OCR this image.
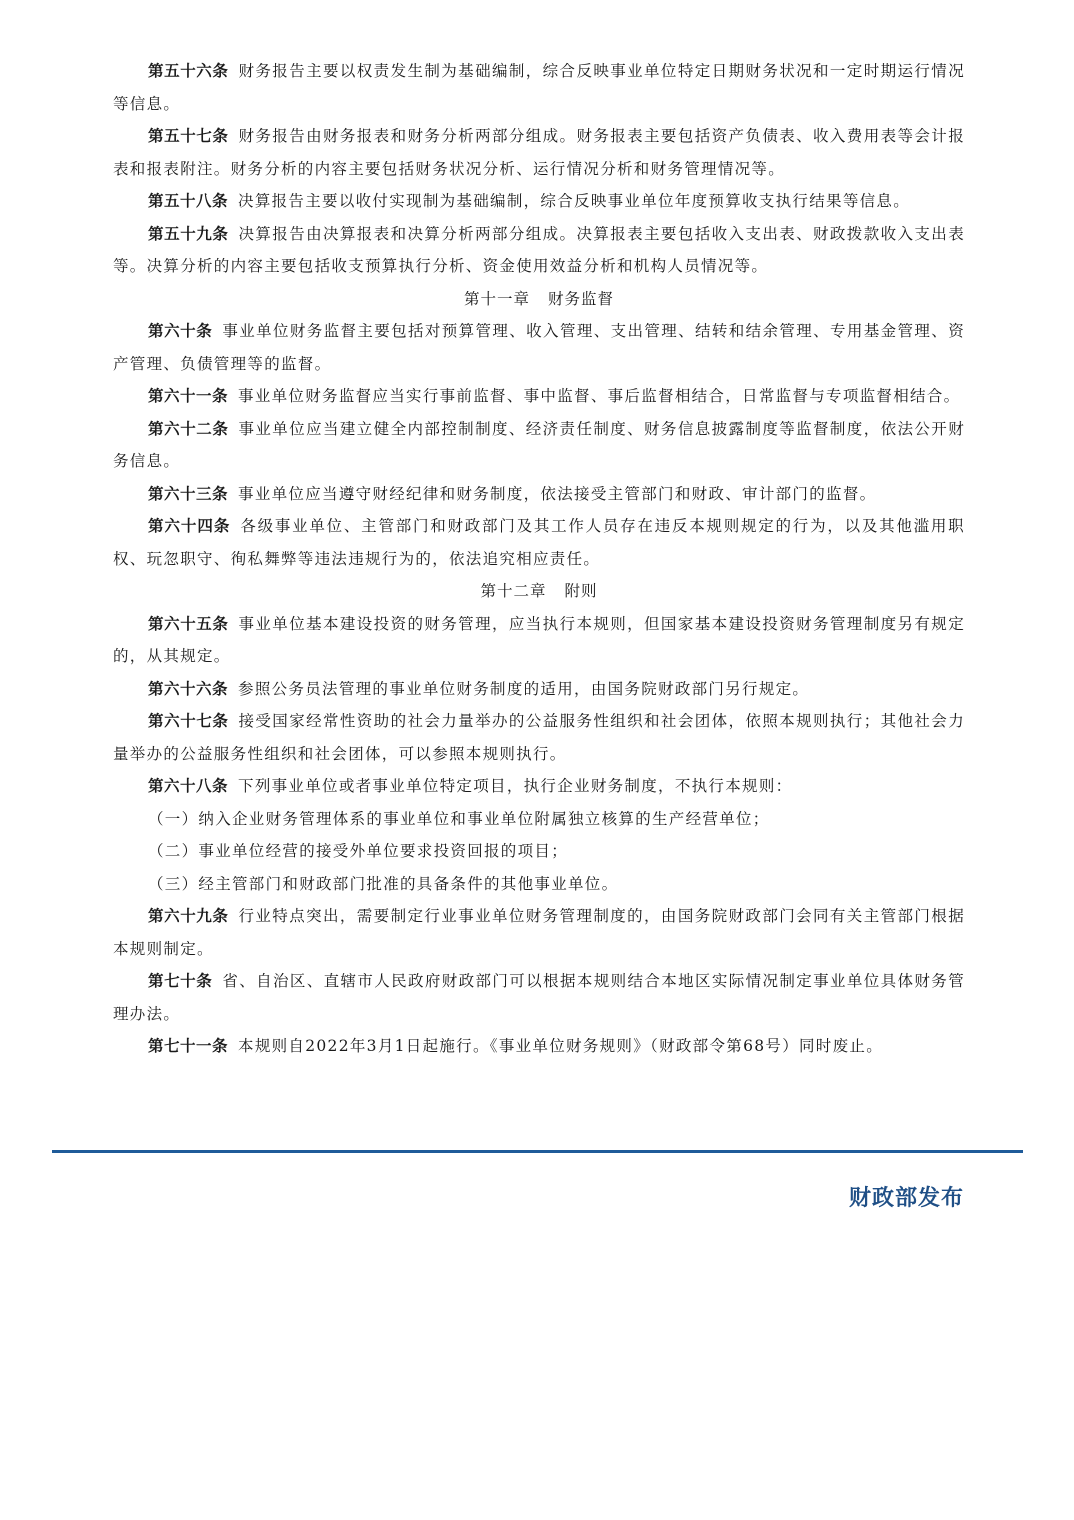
第五十六条 财务报告主要以权责发生制为基础编制，综合反映事业单位特定日期财务状况和一定时期运行情况等信息。

第五十七条 财务报告由财务报表和财务分析两部分组成。财务报表主要包括资产负债表、收入费用表等会计报表和报表附注。财务分析的内容主要包括财务状况分析、运行情况分析和财务管理情况等。

第五十八条 决算报告主要以收付实现制为基础编制，综合反映事业单位年度预算收支执行结果等信息。

第五十九条 决算报告由决算报表和决算分析两部分组成。决算报表主要包括收入支出表、财政拨款收入支出表等。决算分析的内容主要包括收支预算执行分析、资金使用效益分析和机构人员情况等。

第十一章 财务监督

第六十条 事业单位财务监督主要包括对预算管理、收入管理、支出管理、结转和结余管理、专用基金管理、资产管理、负债管理等的监督。

第六十一条 事业单位财务监督应当实行事前监督、事中监督、事后监督相结合，日常监督与专项监督相结合。

第六十二条 事业单位应当建立健全内部控制制度、经济责任制度、财务信息披露制度等监督制度，依法公开财务信息。

第六十三条 事业单位应当遵守财经纪律和财务制度，依法接受主管部门和财政、审计部门的监督。

第六十四条 各级事业单位、主管部门和财政部门及其工作人员存在违反本规则规定的行为，以及其他滥用职权、玩忽职守、徇私舞弊等违法违规行为的，依法追究相应责任。

第十二章 附则

第六十五条 事业单位基本建设投资的财务管理，应当执行本规则，但国家基本建设投资财务管理制度另有规定的，从其规定。

第六十六条 参照公务员法管理的事业单位财务制度的适用，由国务院财政部门另行规定。

第六十七条 接受国家经常性资助的社会力量举办的公益服务性组织和社会团体，依照本规则执行；其他社会力量举办的公益服务性组织和社会团体，可以参照本规则执行。

第六十八条 下列事业单位或者事业单位特定项目，执行企业财务制度，不执行本规则：

（一）纳入企业财务管理体系的事业单位和事业单位附属独立核算的生产经营单位；

（二）事业单位经营的接受外单位要求投资回报的项目；

（三）经主管部门和财政部门批准的具备条件的其他事业单位。

第六十九条 行业特点突出，需要制定行业事业单位财务管理制度的，由国务院财政部门会同有关主管部门根据本规则制定。

第七十条 省、自治区、直辖市人民政府财政部门可以根据本规则结合本地区实际情况制定事业单位具体财务管理办法。

第七十一条 本规则自2022年3月1日起施行。《事业单位财务规则》（财政部令第68号）同时废止。

财政部发布
